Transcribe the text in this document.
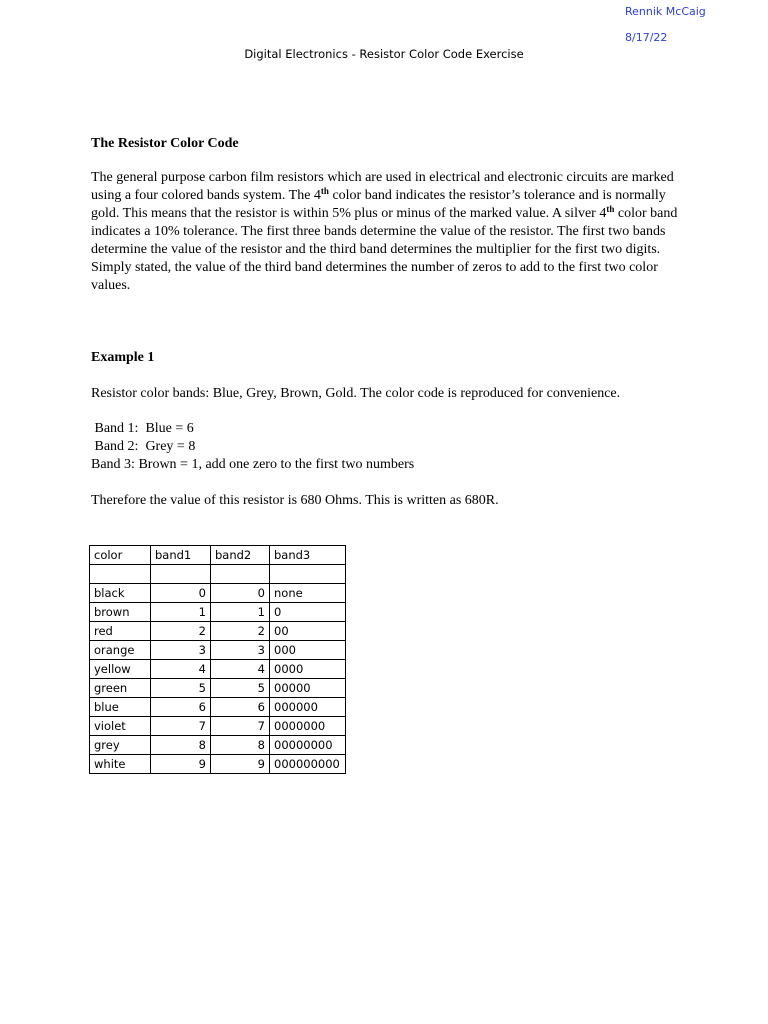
Rennik McCaig
8/17/22
Digital Electronics - Resistor Color Code Exercise
The Resistor Color Code

The general purpose carbon film resistors which are used in electrical and electronic circuits are marked using a four colored bands system. The 4th color band indicates the resistor’s tolerance and is normally gold. This means that the resistor is within 5% plus or minus of the marked value. A silver 4th color band indicates a 10% tolerance. The first three bands determine the value of the resistor. The first two bands determine the value of the resistor and the third band determines the multiplier for the first two digits. Simply stated, the value of the third band determines the number of zeros to add to the first two color values.

Example 1
Resistor color bands: Blue, Grey, Brown, Gold. The color code is reproduced for convenience.
Band 1:  Blue = 6
Band 2:  Grey = 8
Band 3: Brown = 1, add one zero to the first two numbers
Therefore the value of this resistor is 680 Ohms. This is written as 680R.
color	band1	band2	band3

black	0	0	none
brown	1	1	0
red	2	2	00
orange	3	3	000
yellow	4	4	0000
green	5	5	00000
blue	6	6	000000
violet	7	7	0000000
grey	8	8	00000000
white	9	9	000000000
